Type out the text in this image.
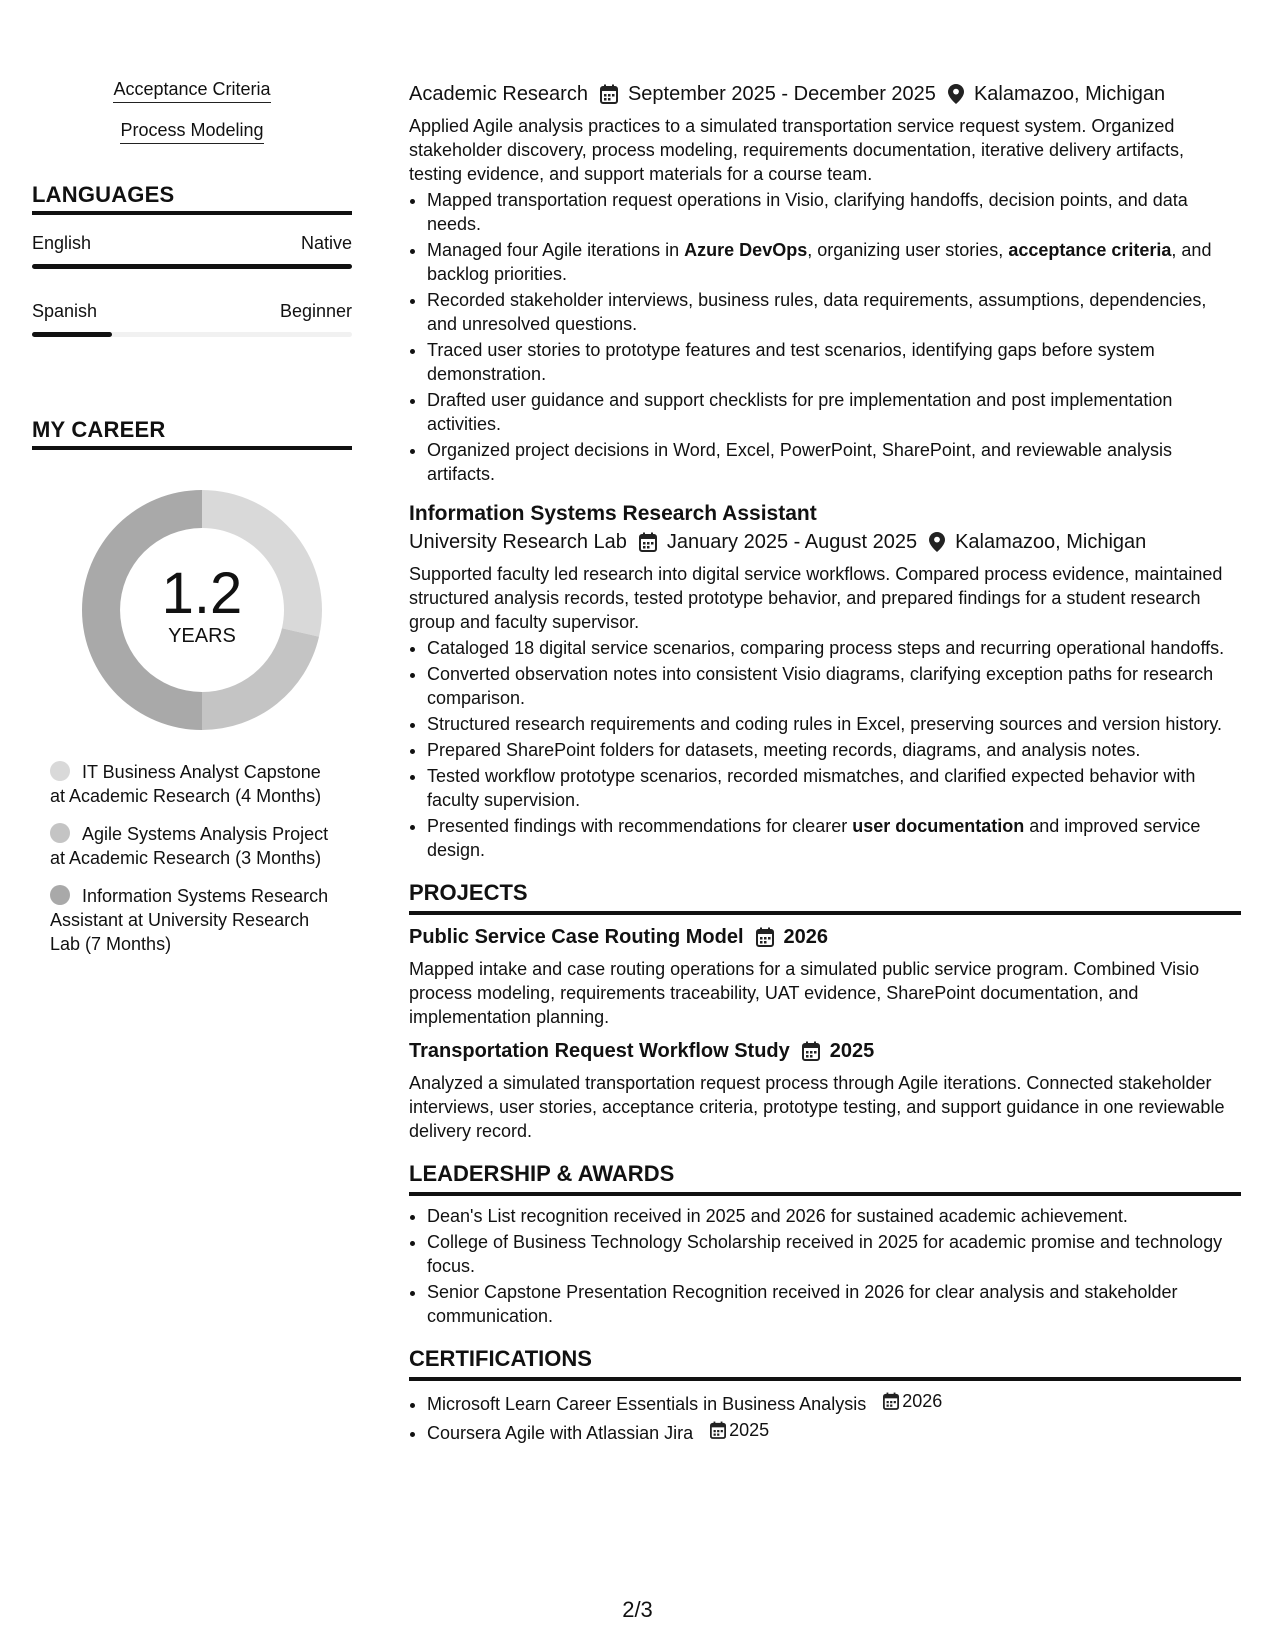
Acceptance Criteria
Process Modeling
LANGUAGES
English	Native
Spanish	Beginner
MY CAREER
1.2
YEARS
IT Business Analyst Capstone at Academic Research (4 Months)
Agile Systems Analysis Project at Academic Research (3 Months)
Information Systems Research Assistant at University Research Lab (7 Months)
Academic Research September 2025 - December 2025 Kalamazoo, Michigan

Applied Agile analysis practices to a simulated transportation service request system. Organized stakeholder discovery, process modeling, requirements documentation, iterative delivery artifacts, testing evidence, and support materials for a course team.

• Mapped transportation request operations in Visio, clarifying handoffs, decision points, and data needs.
• Managed four Agile iterations in Azure DevOps, organizing user stories, acceptance criteria, and backlog priorities.
• Recorded stakeholder interviews, business rules, data requirements, assumptions, dependencies, and unresolved questions.
• Traced user stories to prototype features and test scenarios, identifying gaps before system demonstration.
• Drafted user guidance and support checklists for pre implementation and post implementation activities.
• Organized project decisions in Word, Excel, PowerPoint, SharePoint, and reviewable analysis artifacts.
Information Systems Research Assistant
University Research Lab January 2025 - August 2025 Kalamazoo, Michigan

Supported faculty led research into digital service workflows. Compared process evidence, maintained structured analysis records, tested prototype behavior, and prepared findings for a student research group and faculty supervisor.

• Cataloged 18 digital service scenarios, comparing process steps and recurring operational handoffs.
• Converted observation notes into consistent Visio diagrams, clarifying exception paths for research comparison.
• Structured research requirements and coding rules in Excel, preserving sources and version history.
• Prepared SharePoint folders for datasets, meeting records, diagrams, and analysis notes.
• Tested workflow prototype scenarios, recorded mismatches, and clarified expected behavior with faculty supervision.
• Presented findings with recommendations for clearer user documentation and improved service design.
PROJECTS
Public Service Case Routing Model 2026

Mapped intake and case routing operations for a simulated public service program. Combined Visio process modeling, requirements traceability, UAT evidence, SharePoint documentation, and implementation planning.

Transportation Request Workflow Study 2025

Analyzed a simulated transportation request process through Agile iterations. Connected stakeholder interviews, user stories, acceptance criteria, prototype testing, and support guidance in one reviewable delivery record.

LEADERSHIP & AWARDS
• Dean's List recognition received in 2025 and 2026 for sustained academic achievement.
• College of Business Technology Scholarship received in 2025 for academic promise and technology focus.
• Senior Capstone Presentation Recognition received in 2026 for clear analysis and stakeholder communication.
CERTIFICATIONS
• Microsoft Learn Career Essentials in Business Analysis 2026
• Coursera Agile with Atlassian Jira 2025
2/3
